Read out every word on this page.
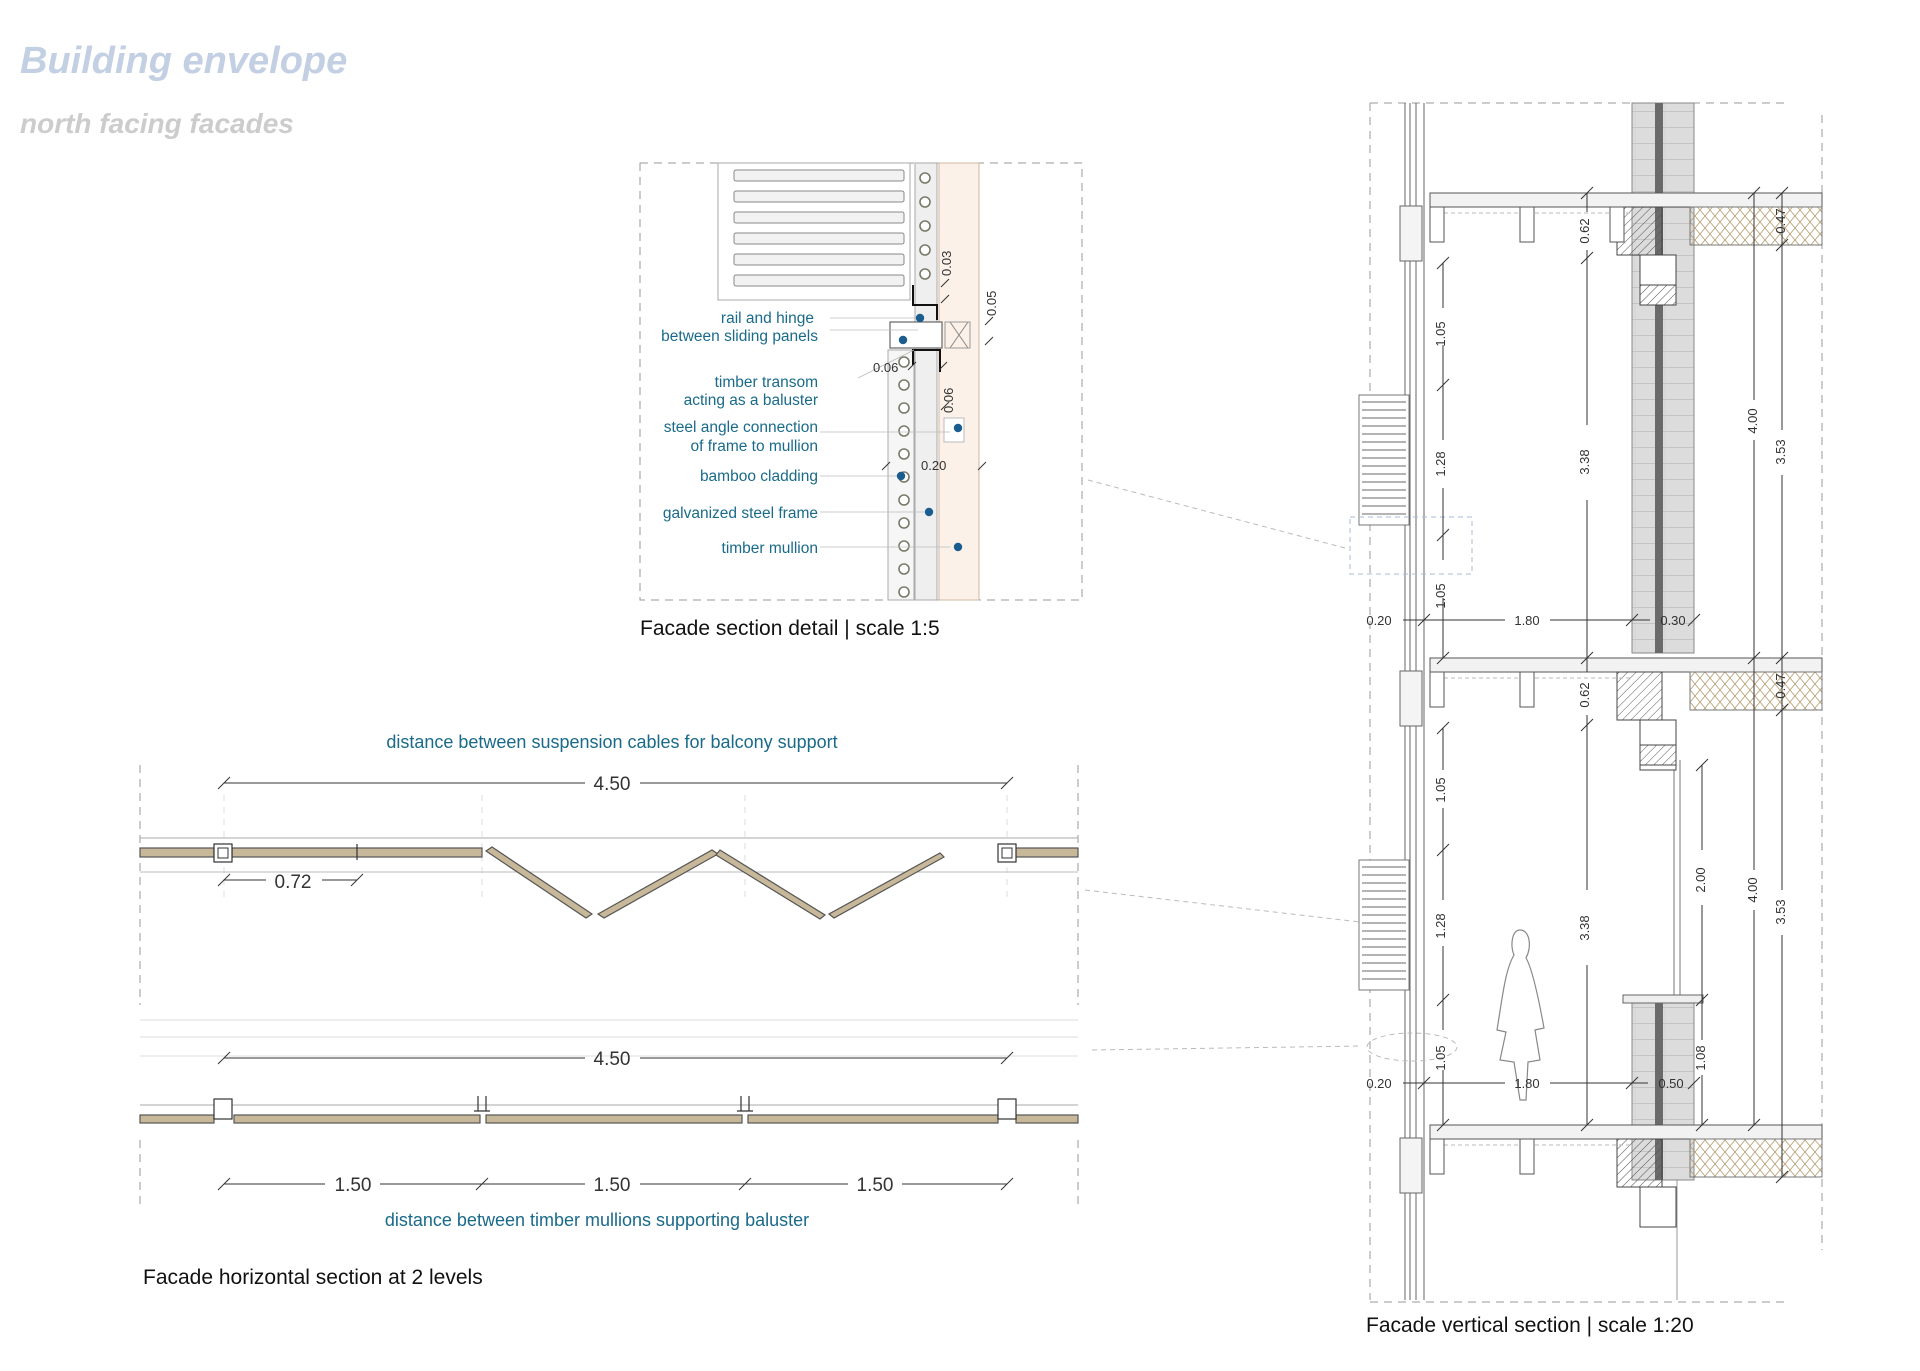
Building envelope
north facing facades
rail and hinge
between sliding panels
timber transom
acting as a baluster
steel angle connection
of frame to mullion
bamboo cladding
galvanized steel frame
timber mullion
0.03
0.05
0.06
0.06
0.20
distance between suspension cables for balcony support
4.50
0.72
4.50
1.50	1.50	1.50
distance between timber mullions supporting baluster
1.05
1.28
1.05
1.05
1.28
1.05
0.20	1.80	0.30
0.20	1.80	0.50
0.62
3.38
0.62
3.38
2.00
1.08
0.47
4.00
3.53
0.47
4.00
3.53
Facade section detail | scale 1:5
Facade horizontal section at 2 levels
Facade vertical section | scale 1:20
